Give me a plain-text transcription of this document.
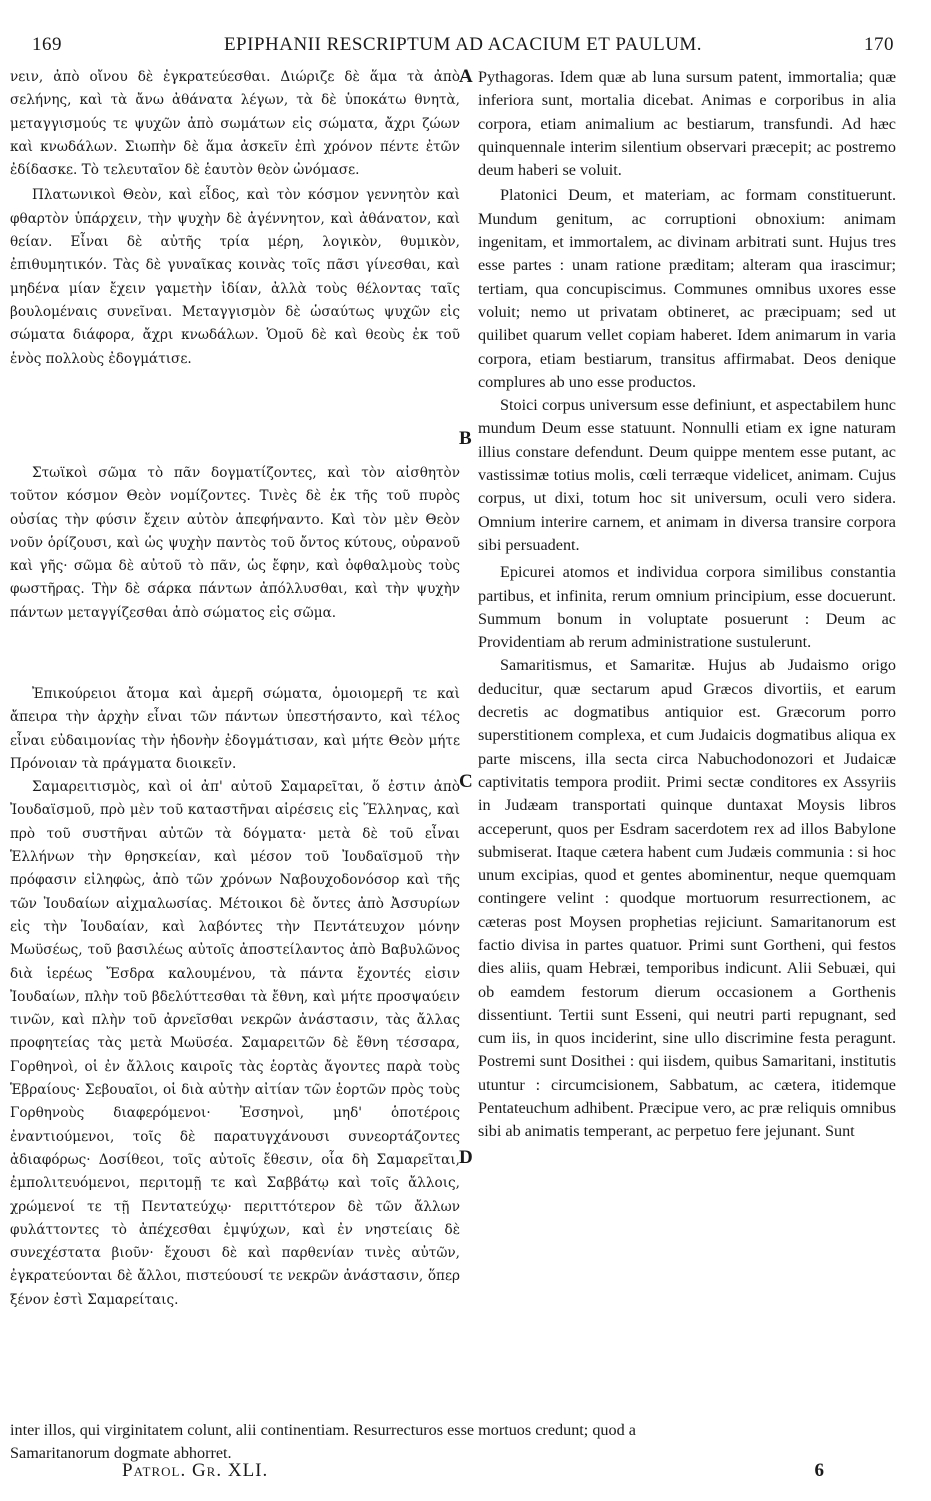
169	EPIPHANII RESCRIPTUM AD ACACIUM ET PAULUM.	170

νειν, ἀπὸ οἴνου δὲ ἐγκρατεύεσθαι. Διώριζε δὲ ἅμα τὰ ἀπὸ σελήνης, καὶ τὰ ἄνω ἀθάνατα λέγων, τὰ δὲ ὑποκάτω θνητὰ, μεταγγισμούς τε ψυχῶν ἀπὸ σωμάτων εἰς σώματα, ἄχρι ζώων καὶ κνωδάλων. Σιωπὴν δὲ ἅμα ἀσκεῖν ἐπὶ χρόνον πέντε ἐτῶν ἐδίδασκε. Τὸ τελευταῖον δὲ ἑαυτὸν θεὸν ὠνόμασε.

Πλατωνικοὶ Θεὸν, καὶ εἶδος, καὶ τὸν κόσμον γεννητὸν καὶ φθαρτὸν ὑπάρχειν, τὴν ψυχὴν δὲ ἀγέννητον, καὶ ἀθάνατον, καὶ θείαν. Εἶναι δὲ αὐτῆς τρία μέρη, λογικὸν, θυμικὸν, ἐπιθυμητικόν. Τὰς δὲ γυναῖκας κοινὰς τοῖς πᾶσι γίνεσθαι, καὶ μηδένα μίαν ἔχειν γαμετὴν ἰδίαν, ἀλλὰ τοὺς θέλοντας ταῖς βουλομέναις συνεῖναι. Μεταγγισμὸν δὲ ὡσαύτως ψυχῶν εἰς σώματα διάφορα, ἄχρι κνωδάλων. Ὁμοῦ δὲ καὶ θεοὺς ἐκ τοῦ ἑνὸς πολλοὺς ἐδογμάτισε.

Στωϊκοὶ σῶμα τὸ πᾶν δογματίζοντες, καὶ τὸν αἰσθητὸν τοῦτον κόσμον Θεὸν νομίζοντες. Τινὲς δὲ ἐκ τῆς τοῦ πυρὸς οὐσίας τὴν φύσιν ἔχειν αὐτὸν ἀπεφήναντο. Καὶ τὸν μὲν Θεὸν νοῦν ὁρίζουσι, καὶ ὡς ψυχὴν παντὸς τοῦ ὄντος κύτους, οὐρανοῦ καὶ γῆς· σῶμα δὲ αὐτοῦ τὸ πᾶν, ὡς ἔφην, καὶ ὀφθαλμοὺς τοὺς φωστῆρας. Τὴν δὲ σάρκα πάντων ἀπόλλυσθαι, καὶ τὴν ψυχὴν πάντων μεταγγίζεσθαι ἀπὸ σώματος εἰς σῶμα.

Ἐπικούρειοι ἄτομα καὶ ἀμερῆ σώματα, ὁμοιομερῆ τε καὶ ἄπειρα τὴν ἀρχὴν εἶναι τῶν πάντων ὑπεστήσαντο, καὶ τέλος εἶναι εὐδαιμονίας τὴν ἡδονὴν ἐδογμάτισαν, καὶ μήτε Θεὸν μήτε Πρόνοιαν τὰ πράγματα διοικεῖν.

Σαμαρειτισμὸς, καὶ οἱ ἀπ' αὐτοῦ Σαμαρεῖται, ὅ ἐστιν ἀπὸ Ἰουδαϊσμοῦ, πρὸ μὲν τοῦ καταστῆναι αἱρέσεις εἰς Ἕλληνας, καὶ πρὸ τοῦ συστῆναι αὐτῶν τὰ δόγματα· μετὰ δὲ τοῦ εἶναι Ἑλλήνων τὴν θρησκείαν, καὶ μέσον τοῦ Ἰουδαϊσμοῦ τὴν πρόφασιν εἰληφὼς, ἀπὸ τῶν χρόνων Ναβουχοδονόσορ καὶ τῆς τῶν Ἰουδαίων αἰχμαλωσίας. Μέτοικοι δὲ ὄντες ἀπὸ Ἀσσυρίων εἰς τὴν Ἰουδαίαν, καὶ λαβόντες τὴν Πεντάτευχον μόνην Μωϋσέως, τοῦ βασιλέως αὐτοῖς ἀποστείλαντος ἀπὸ Βαβυλῶνος διὰ ἱερέως Ἔσδρα καλουμένου, τὰ πάντα ἔχοντές εἰσιν Ἰουδαίων, πλὴν τοῦ βδελύττεσθαι τὰ ἔθνη, καὶ μήτε προσψαύειν τινῶν, καὶ πλὴν τοῦ ἀρνεῖσθαι νεκρῶν ἀνάστασιν, τὰς ἄλλας προφητείας τὰς μετὰ Μωϋσέα. Σαμαρειτῶν δὲ ἔθνη τέσσαρα, Γορθηνοὶ, οἱ ἐν ἄλλοις καιροῖς τὰς ἑορτὰς ἄγοντες παρὰ τοὺς Ἑβραίους· Σεβουαῖοι, οἱ διὰ αὐτὴν αἰτίαν τῶν ἑορτῶν πρὸς τοὺς Γορθηνοὺς διαφερόμενοι· Ἐσσηνοὶ, μηδ' ὁποτέροις ἐναντιούμενοι, τοῖς δὲ παρατυγχάνουσι συνεορτάζοντες ἀδιαφόρως· Δοσίθεοι, τοῖς αὐτοῖς ἔθεσιν, οἷα δὴ Σαμαρεῖται, ἐμπολιτευόμενοι, περιτομῇ τε καὶ Σαββάτῳ καὶ τοῖς ἄλλοις, χρώμενοί τε τῇ Πεντατεύχῳ· περιττότερον δὲ τῶν ἄλλων φυλάττοντες τὸ ἀπέχεσθαι ἐμψύχων, καὶ ἐν νηστείαις δὲ συνεχέστατα βιοῦν· ἔχουσι δὲ καὶ παρθενίαν τινὲς αὐτῶν, ἐγκρατεύονται δὲ ἄλλοι, πιστεύουσί τε νεκρῶν ἀνάστασιν, ὅπερ ξένον ἐστὶ Σαμαρείταις.

A
B
C
D

Pythagoras. Idem quæ ab luna sursum patent, immortalia; quæ inferiora sunt, mortalia dicebat. Animas e corporibus in alia corpora, etiam animalium ac bestiarum, transfundi. Ad hæc quinquennale interim silentium observari præcepit; ac postremo deum haberi se voluit.

Platonici Deum, et materiam, ac formam constituerunt. Mundum genitum, ac corruptioni obnoxium: animam ingenitam, et immortalem, ac divinam arbitrati sunt. Hujus tres esse partes : unam ratione præditam; alteram qua irascimur; tertiam, qua concupiscimus. Communes omnibus uxores esse voluit; nemo ut privatam obtineret, ac præcipuam; sed ut quilibet quarum vellet copiam haberet. Idem animarum in varia corpora, etiam bestiarum, transitus affirmabat. Deos denique complures ab uno esse productos.

Stoici corpus universum esse definiunt, et aspectabilem hunc mundum Deum esse statuunt. Nonnulli etiam ex igne naturam illius constare defendunt. Deum quippe mentem esse putant, ac vastissimæ totius molis, cœli terræque videlicet, animam. Cujus corpus, ut dixi, totum hoc sit universum, oculi vero sidera. Omnium interire carnem, et animam in diversa transire corpora sibi persuadent.

Epicurei atomos et individua corpora similibus constantia partibus, et infinita, rerum omnium principium, esse docuerunt. Summum bonum in voluptate posuerunt : Deum ac Providentiam ab rerum administratione sustulerunt.

Samaritismus, et Samaritæ. Hujus ab Judaismo origo deducitur, quæ sectarum apud Græcos divortiis, et earum decretis ac dogmatibus antiquior est. Græcorum porro superstitionem complexa, et cum Judaicis dogmatibus aliqua ex parte miscens, illa secta circa Nabuchodonozori et Judaicæ captivitatis tempora prodiit. Primi sectæ conditores ex Assyriis in Judæam transportati quinque duntaxat Moysis libros acceperunt, quos per Esdram sacerdotem rex ad illos Babylone submiserat. Itaque cætera habent cum Judæis communia : si hoc unum excipias, quod et gentes abominentur, neque quemquam contingere velint : quodque mortuorum resurrectionem, ac cæteras post Moysen prophetias rejiciunt. Samaritanorum est factio divisa in partes quatuor. Primi sunt Gortheni, qui festos dies aliis, quam Hebræi, temporibus indicunt. Alii Sebuæi, qui ob eamdem festorum dierum occasionem a Gorthenis dissentiunt. Tertii sunt Esseni, qui neutri parti repugnant, sed cum iis, in quos inciderint, sine ullo discrimine festa peragunt. Postremi sunt Dosithei : qui iisdem, quibus Samaritani, institutis utuntur : circumcisionem, Sabbatum, ac cætera, itidemque Pentateuchum adhibent. Præcipue vero, ac præ reliquis omnibus sibi ab animatis temperant, ac perpetuo fere jejunant. Sunt

inter illos, qui virginitatem colunt, alii continentiam. Resurrecturos esse mortuos credunt; quod a
Samaritanorum dogmate abhorret.
Patrol. Gr. XLI.	6
